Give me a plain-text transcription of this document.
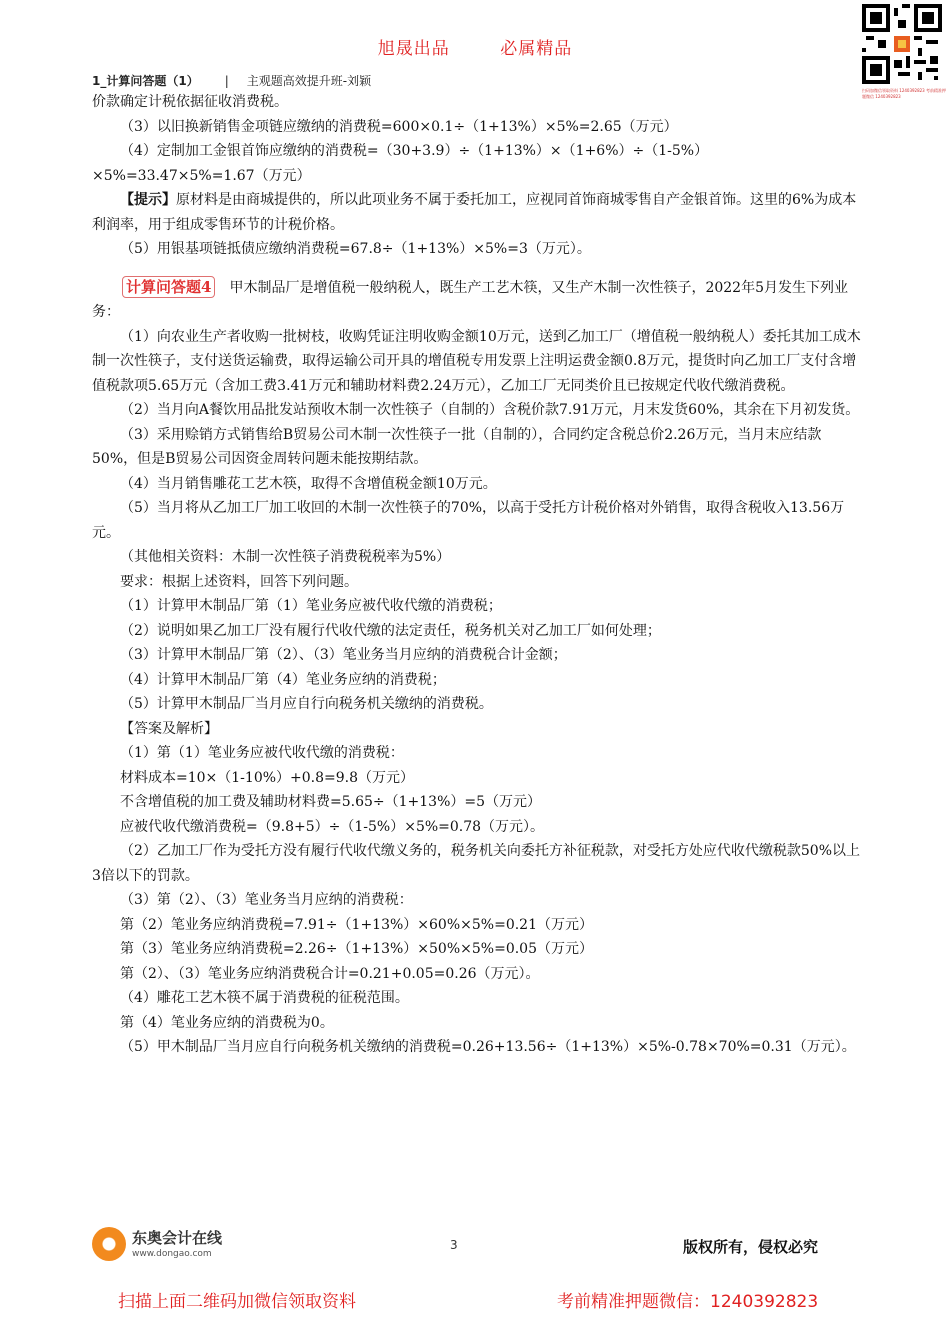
旭晟出品	必属精品
扫码加微信领取资料 1240392823 考前精准押题微信 1240392823
1_计算问答题（1） | 主观题高效提升班-刘颖

价款确定计税依据征收消费税。

（3）以旧换新销售金项链应缴纳的消费税=600×0.1÷（1+13%）×5%=2.65（万元）

（4）定制加工金银首饰应缴纳的消费税=（30+3.9）÷（1+13%）×（1+6%）÷（1-5%）

×5%=33.47×5%=1.67（万元）

【提示】原材料是由商城提供的，所以此项业务不属于委托加工，应视同首饰商城零售自产金银首饰。这里的6%为成本利润率，用于组成零售环节的计税价格。

（5）用银基项链抵债应缴纳消费税=67.8÷（1+13%）×5%=3（万元）。

计算问答题4 甲木制品厂是增值税一般纳税人，既生产工艺木筷，又生产木制一次性筷子，2022年5月发生下列业务：

（1）向农业生产者收购一批树枝，收购凭证注明收购金额10万元，送到乙加工厂（增值税一般纳税人）委托其加工成木制一次性筷子，支付送货运输费，取得运输公司开具的增值税专用发票上注明运费金额0.8万元，提货时向乙加工厂支付含增值税款项5.65万元（含加工费3.41万元和辅助材料费2.24万元），乙加工厂无同类价且已按规定代收代缴消费税。

（2）当月向A餐饮用品批发站预收木制一次性筷子（自制的）含税价款7.91万元，月末发货60%，其余在下月初发货。

（3）采用赊销方式销售给B贸易公司木制一次性筷子一批（自制的），合同约定含税总价2.26万元，当月末应结款50%，但是B贸易公司因资金周转问题未能按期结款。

（4）当月销售雕花工艺木筷，取得不含增值税金额10万元。

（5）当月将从乙加工厂加工收回的木制一次性筷子的70%，以高于受托方计税价格对外销售，取得含税收入13.56万元。

（其他相关资料：木制一次性筷子消费税税率为5%）

要求：根据上述资料，回答下列问题。

（1）计算甲木制品厂第（1）笔业务应被代收代缴的消费税；

（2）说明如果乙加工厂没有履行代收代缴的法定责任，税务机关对乙加工厂如何处理；

（3）计算甲木制品厂第（2）、（3）笔业务当月应纳的消费税合计金额；

（4）计算甲木制品厂第（4）笔业务应纳的消费税；

（5）计算甲木制品厂当月应自行向税务机关缴纳的消费税。

【答案及解析】

（1）第（1）笔业务应被代收代缴的消费税：

材料成本=10×（1-10%）+0.8=9.8（万元）

不含增值税的加工费及辅助材料费=5.65÷（1+13%）=5（万元）

应被代收代缴消费税=（9.8+5）÷（1-5%）×5%=0.78（万元）。

（2）乙加工厂作为受托方没有履行代收代缴义务的，税务机关向委托方补征税款，对受托方处应代收代缴税款50%以上3倍以下的罚款。

（3）第（2）、（3）笔业务当月应纳的消费税：

第（2）笔业务应纳消费税=7.91÷（1+13%）×60%×5%=0.21（万元）

第（3）笔业务应纳消费税=2.26÷（1+13%）×50%×5%=0.05（万元）

第（2）、（3）笔业务应纳消费税合计=0.21+0.05=0.26（万元）。

（4）雕花工艺木筷不属于消费税的征税范围。

第（4）笔业务应纳的消费税为0。

（5）甲木制品厂当月应自行向税务机关缴纳的消费税=0.26+13.56÷（1+13%）×5%-0.78×70%=0.31（万元）。

东奥会计在线
www.dongao.com
3	版权所有，侵权必究
扫描上面二维码加微信领取资料	考前精准押题微信：1240392823
